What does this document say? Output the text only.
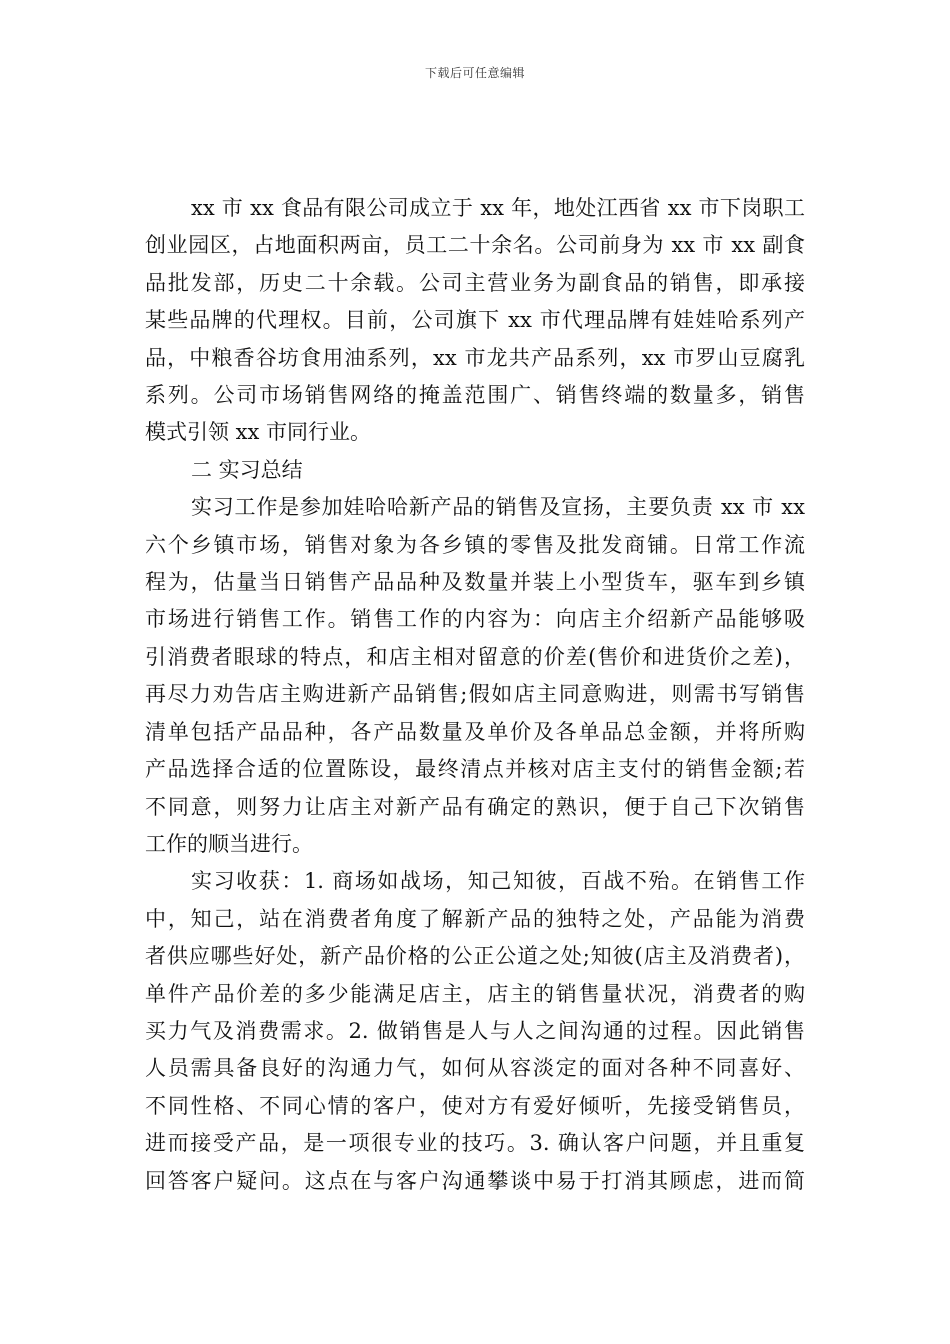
下载后可任意编辑
xx 市 xx 食品有限公司成立于 xx 年，地处江西省 xx 市下岗职工
创业园区，占地面积两亩，员工二十余名。公司前身为 xx 市 xx 副食
品批发部，历史二十余载。公司主营业务为副食品的销售，即承接
某些品牌的代理权。目前，公司旗下 xx 市代理品牌有娃娃哈系列产
品，中粮香谷坊食用油系列，xx 市龙共产品系列，xx 市罗山豆腐乳
系列。公司市场销售网络的掩盖范围广、销售终端的数量多，销售
模式引领 xx 市同行业。
二 实习总结
实习工作是参加娃哈哈新产品的销售及宣扬，主要负责 xx 市 xx
六个乡镇市场，销售对象为各乡镇的零售及批发商铺。日常工作流
程为，估量当日销售产品品种及数量并装上小型货车，驱车到乡镇
市场进行销售工作。销售工作的内容为：向店主介绍新产品能够吸
引消费者眼球的特点，和店主相对留意的价差(售价和进货价之差)，
再尽力劝告店主购进新产品销售;假如店主同意购进，则需书写销售
清单包括产品品种，各产品数量及单价及各单品总金额，并将所购
产品选择合适的位置陈设，最终清点并核对店主支付的销售金额;若
不同意，则努力让店主对新产品有确定的熟识，便于自己下次销售
工作的顺当进行。
实习收获：1. 商场如战场，知己知彼，百战不殆。在销售工作
中，知己，站在消费者角度了解新产品的独特之处，产品能为消费
者供应哪些好处，新产品价格的公正公道之处;知彼(店主及消费者)，
单件产品价差的多少能满足店主，店主的销售量状况，消费者的购
买力气及消费需求。2. 做销售是人与人之间沟通的过程。因此销售
人员需具备良好的沟通力气，如何从容淡定的面对各种不同喜好、
不同性格、不同心情的客户，使对方有爱好倾听，先接受销售员，
进而接受产品，是一项很专业的技巧。3. 确认客户问题，并且重复
回答客户疑问。这点在与客户沟通攀谈中易于打消其顾虑，进而简
